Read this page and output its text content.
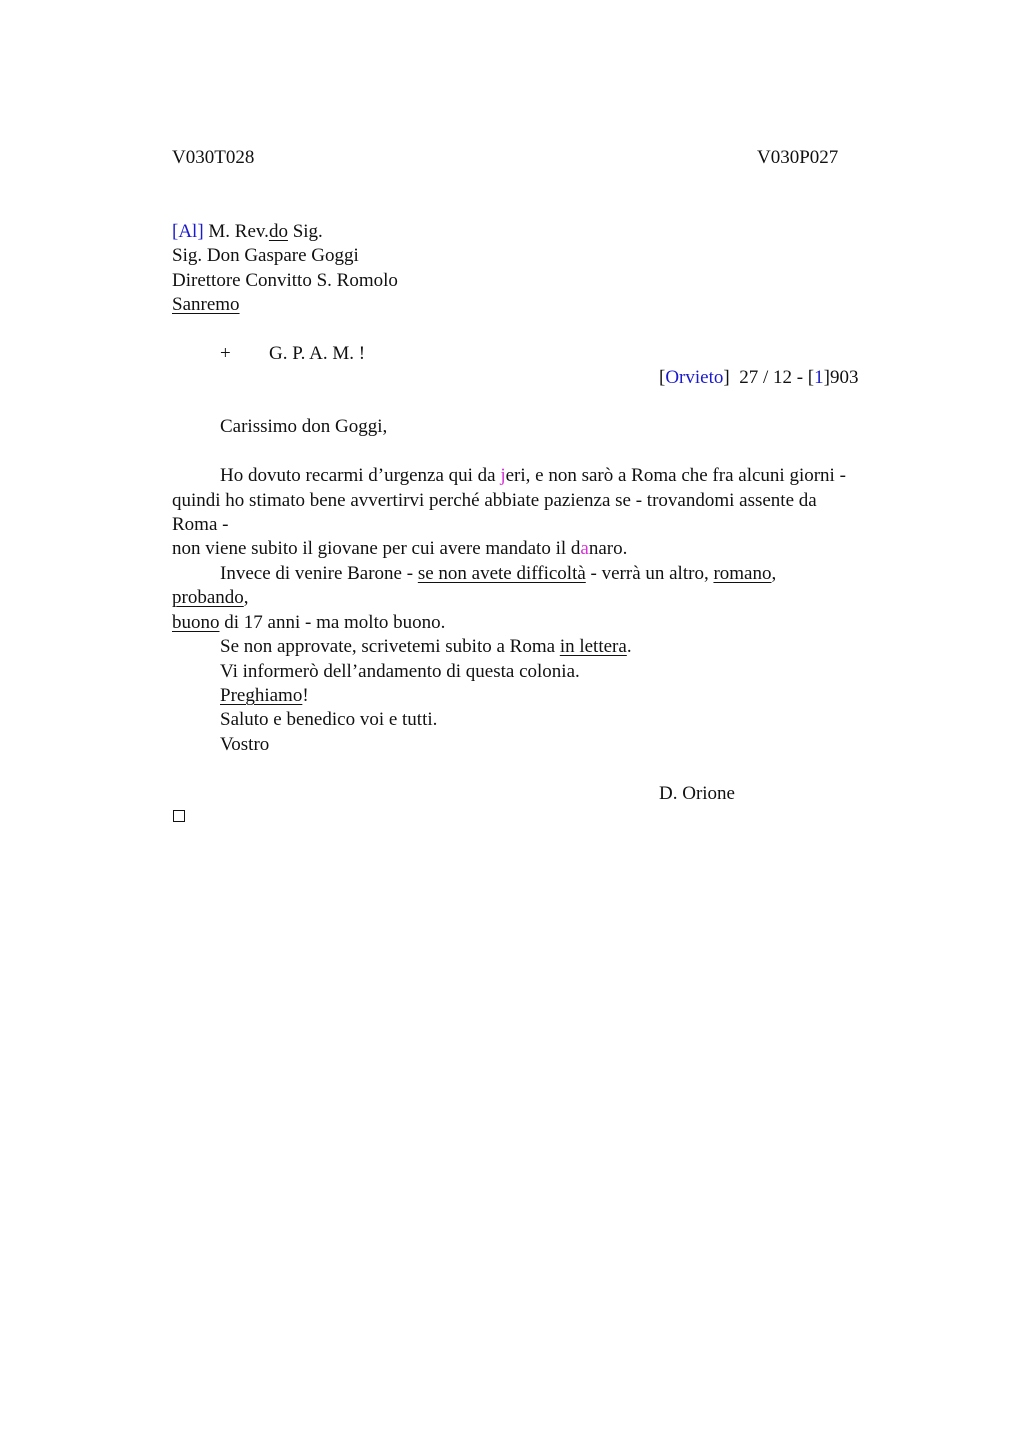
V030T028	V030P027
[Al] M. Rev.do Sig.
Sig. Don Gaspare Goggi
Direttore Convitto S. Romolo
Sanremo
+ G. P. A. M. !
[Orvieto]  27 / 12 - [1]903
Carissimo don Goggi,
Ho dovuto recarmi d’urgenza qui da jeri, e non sarò a Roma che fra alcuni giorni -
quindi ho stimato bene avvertirvi perché abbiate pazienza se - trovandomi assente da
Roma -
non viene subito il giovane per cui avere mandato il danaro.
Invece di venire Barone - se non avete difficoltà - verrà un altro, romano,
probando,
buono di 17 anni - ma molto buono.
Se non approvate, scrivetemi subito a Roma in lettera.
Vi informerò dell’andamento di questa colonia.
Preghiamo!
Saluto e benedico voi e tutti.
Vostro
D. Orione
